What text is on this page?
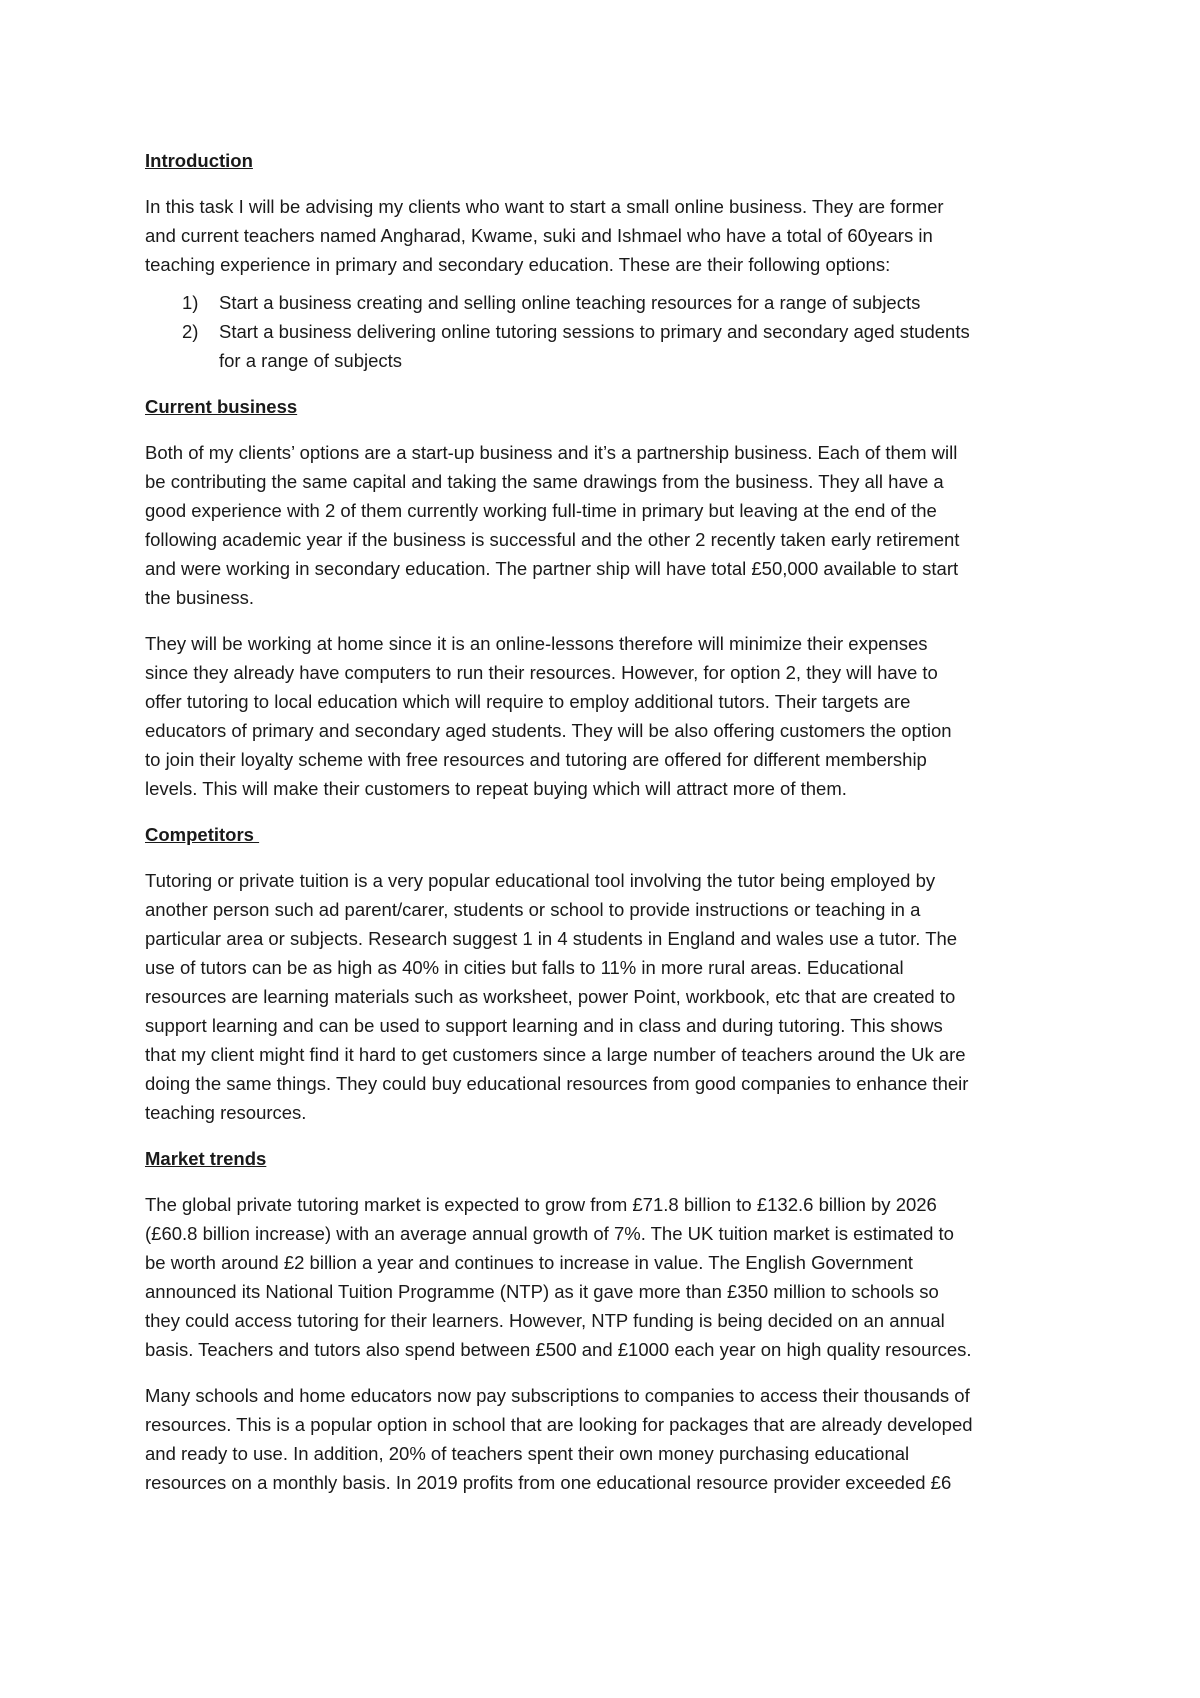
Introduction
In this task I will be advising my clients who want to start a small online business. They are former
and current teachers named Angharad, Kwame, suki and Ishmael who have a total of 60years in
teaching experience in primary and secondary education. These are their following options:
1) Start a business creating and selling online teaching resources for a range of subjects
2) Start a business delivering online tutoring sessions to primary and secondary aged students
for a range of subjects
Current business
Both of my clients’ options are a start-up business and it’s a partnership business. Each of them will
be contributing the same capital and taking the same drawings from the business. They all have a
good experience with 2 of them currently working full-time in primary but leaving at the end of the
following academic year if the business is successful and the other 2 recently taken early retirement
and were working in secondary education. The partner ship will have total £50,000 available to start
the business.
They will be working at home since it is an online-lessons therefore will minimize their expenses
since they already have computers to run their resources. However, for option 2, they will have to
offer tutoring to local education which will require to employ additional tutors. Their targets are
educators of primary and secondary aged students. They will be also offering customers the option
to join their loyalty scheme with free resources and tutoring are offered for different membership
levels. This will make their customers to repeat buying which will attract more of them.
Competitors
Tutoring or private tuition is a very popular educational tool involving the tutor being employed by
another person such ad parent/carer, students or school to provide instructions or teaching in a
particular area or subjects. Research suggest 1 in 4 students in England and wales use a tutor. The
use of tutors can be as high as 40% in cities but falls to 11% in more rural areas. Educational
resources are learning materials such as worksheet, power Point, workbook, etc that are created to
support learning and can be used to support learning and in class and during tutoring. This shows
that my client might find it hard to get customers since a large number of teachers around the Uk are
doing the same things. They could buy educational resources from good companies to enhance their
teaching resources.
Market trends
The global private tutoring market is expected to grow from £71.8 billion to £132.6 billion by 2026
(£60.8 billion increase) with an average annual growth of 7%. The UK tuition market is estimated to
be worth around £2 billion a year and continues to increase in value. The English Government
announced its National Tuition Programme (NTP) as it gave more than £350 million to schools so
they could access tutoring for their learners. However, NTP funding is being decided on an annual
basis. Teachers and tutors also spend between £500 and £1000 each year on high quality resources.
Many schools and home educators now pay subscriptions to companies to access their thousands of
resources. This is a popular option in school that are looking for packages that are already developed
and ready to use. In addition, 20% of teachers spent their own money purchasing educational
resources on a monthly basis. In 2019 profits from one educational resource provider exceeded £6
